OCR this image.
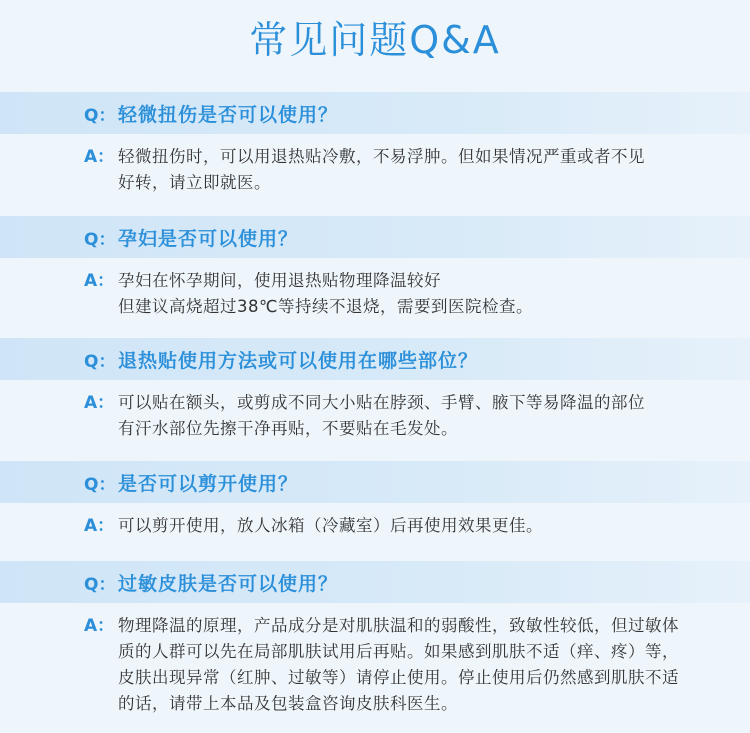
常见问题Q&A
Q： 轻微扭伤是否可以使用？
A： 轻微扭伤时，可以用退热贴冷敷，不易浮肿。但如果情况严重或者不见
好转，请立即就医。
Q： 孕妇是否可以使用？
A： 孕妇在怀孕期间，使用退热贴物理降温较好
但建议高烧超过38℃等持续不退烧，需要到医院检查。
Q： 退热贴使用方法或可以使用在哪些部位？
A： 可以贴在额头，或剪成不同大小贴在脖颈、手臂、腋下等易降温的部位
有汗水部位先擦干净再贴，不要贴在毛发处。
Q： 是否可以剪开使用？
A： 可以剪开使用，放人冰箱（冷藏室）后再使用效果更佳。
Q： 过敏皮肤是否可以使用？
A： 物理降温的原理，产品成分是对肌肤温和的弱酸性，致敏性较低，但过敏体
质的人群可以先在局部肌肤试用后再贴。如果感到肌肤不适（痒、疼）等，
皮肤出现异常（红肿、过敏等）请停止使用。停止使用后仍然感到肌肤不适
的话，请带上本品及包装盒咨询皮肤科医生。
